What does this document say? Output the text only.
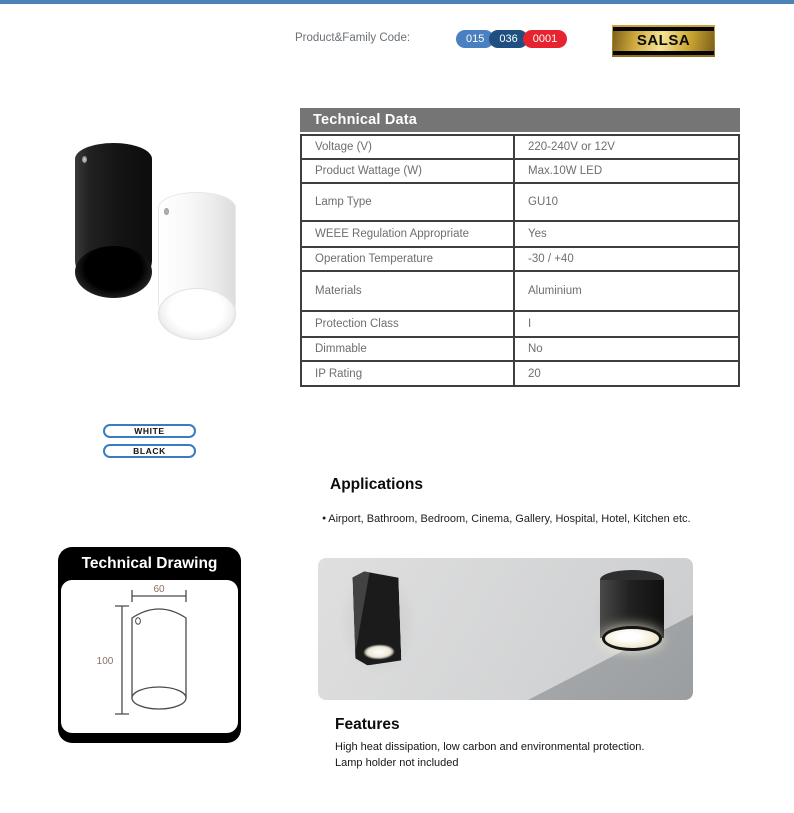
Product&Family Code:	015	036	0001	SALSA
Technical Data
Voltage (V)	220-240V or 12V
Product Wattage (W)	Max.10W LED
Lamp Type	GU10
WEEE Regulation Appropriate	Yes
Operation Temperature	-30 / +40
Materials	Aluminium
Protection Class	I
Dimmable	No
IP Rating	20
WHITE
BLACK
Applications
● Airport, Bathroom, Bedroom, Cinema, Gallery, Hospital, Hotel, Kitchen etc.
Technical Drawing
60
100
Features
High heat dissipation, low carbon and environmental protection.
Lamp holder not included
